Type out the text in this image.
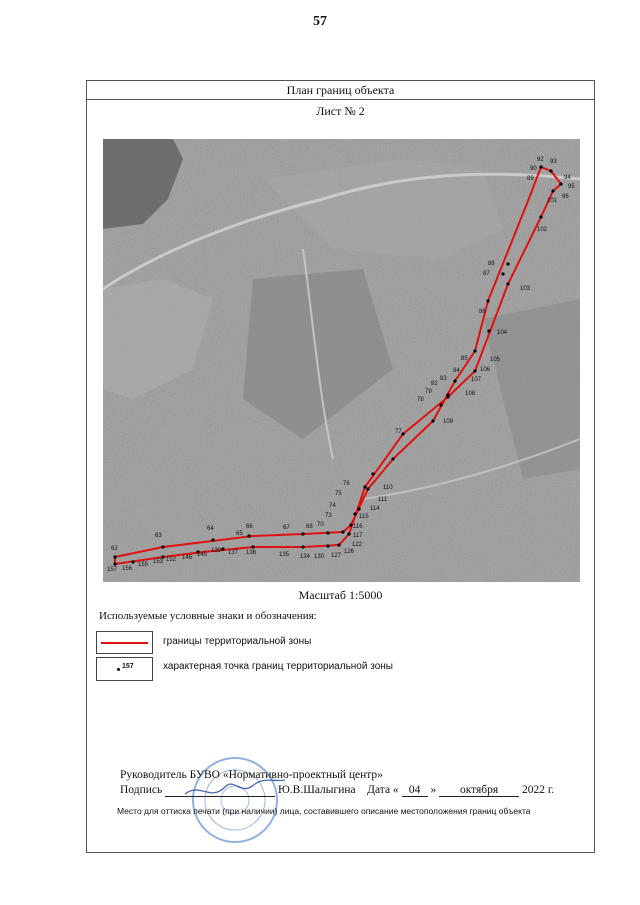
57
План границ объекта
Лист № 2
62
63
64
65
66	67	68 70
73
74
75
76
77
78
79
82
83
84
85
86
87
88
89
90
92 93
94
95
96
101
102
103
104
105
106
107
108
109
110
111
114
115
116
117
122
126
127
130
134
135
136
137
139
145
146
152
153
155
156
157
Масштаб 1:5000
Используемые условные знаки и обозначения:
границы территориальной зоны
157	характерная точка границ территориальной зоны
Руководитель БУВО «Нормативно-проектный центр»
Подпись	Ю.В.Шалыгина Дата « 04 » октября 2022 г.
Место для оттиска печати (при наличии) лица, составившего описание местоположения границ объекта
